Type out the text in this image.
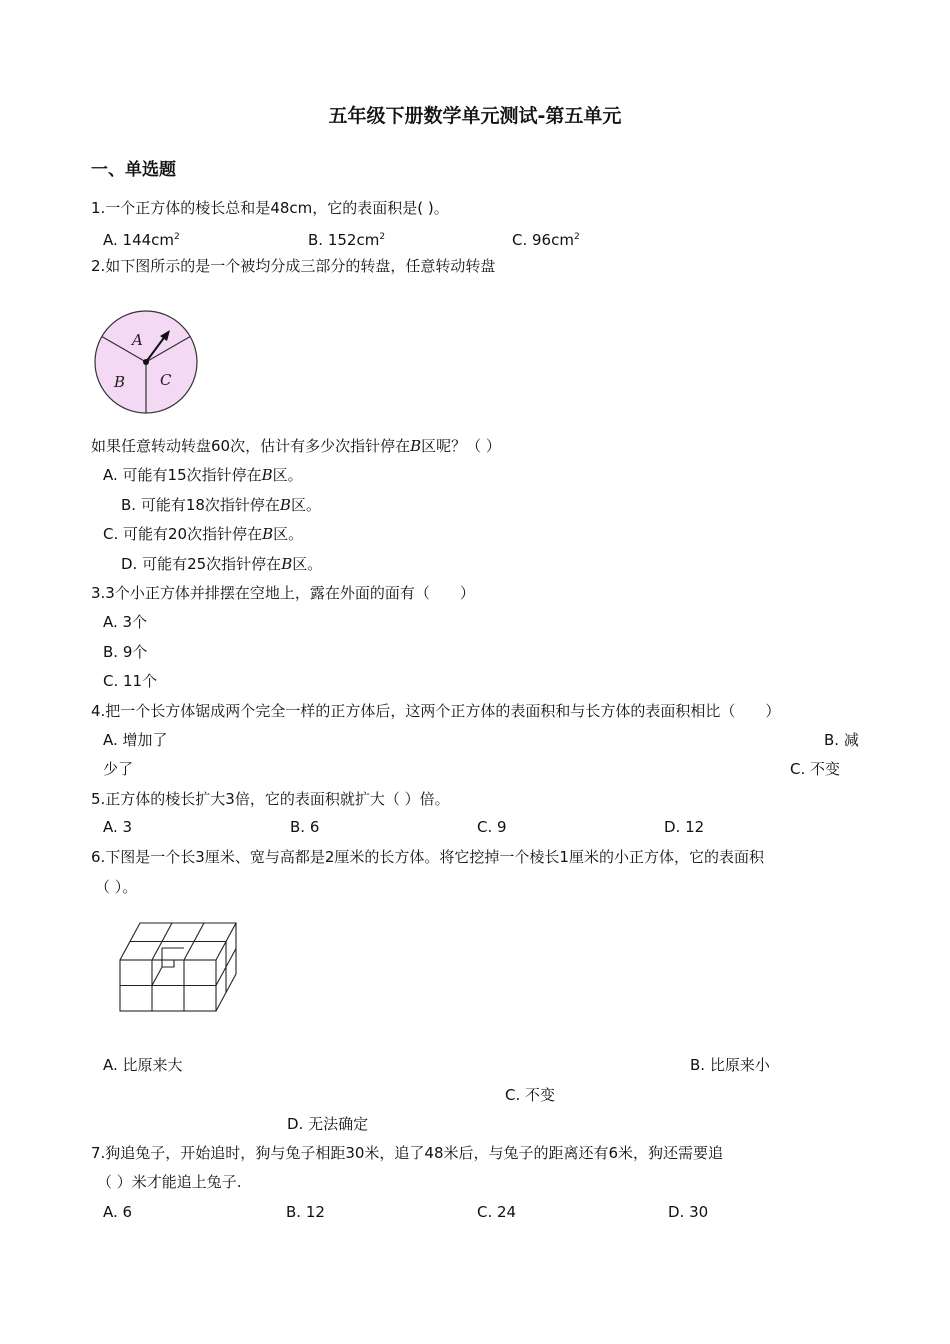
五年级下册数学单元测试-第五单元
一、单选题
1.一个正方体的棱长总和是48cm，它的表面积是( )。
A. $144cm^2$	B. $152cm^2$	C. $96cm^2$
2.如下图所示的是一个被均分成三部分的转盘，任意转动转盘
A
B C
如果任意转动转盘60次，估计有多少次指针停在B区呢？（ ）
A. 可能有15次指针停在B区。
B. 可能有18次指针停在B区。
C. 可能有20次指针停在B区。
D. 可能有25次指针停在B区。
3.3个小正方体并排摆在空地上，露在外面的面有（　　）
A. 3个
B. 9个
C. 11个
4.把一个长方体锯成两个完全一样的正方体后，这两个正方体的表面积和与长方体的表面积相比（　　）
A. 增加了	B. 减
少了	C. 不变
5.正方体的棱长扩大3倍，它的表面积就扩大（ ）倍。
A. 3	B. 6	C. 9	D. 12
6.下图是一个长3厘米、宽与高都是2厘米的长方体。将它挖掉一个棱长1厘米的小正方体，它的表面积
（ ）。
A. 比原来大	B. 比原来小
C. 不变
D. 无法确定
7.狗追兔子，开始追时，狗与兔子相距30米，追了48米后，与兔子的距离还有6米，狗还需要追
（ ）米才能追上兔子.
A. 6	B. 12	C. 24	D. 30
